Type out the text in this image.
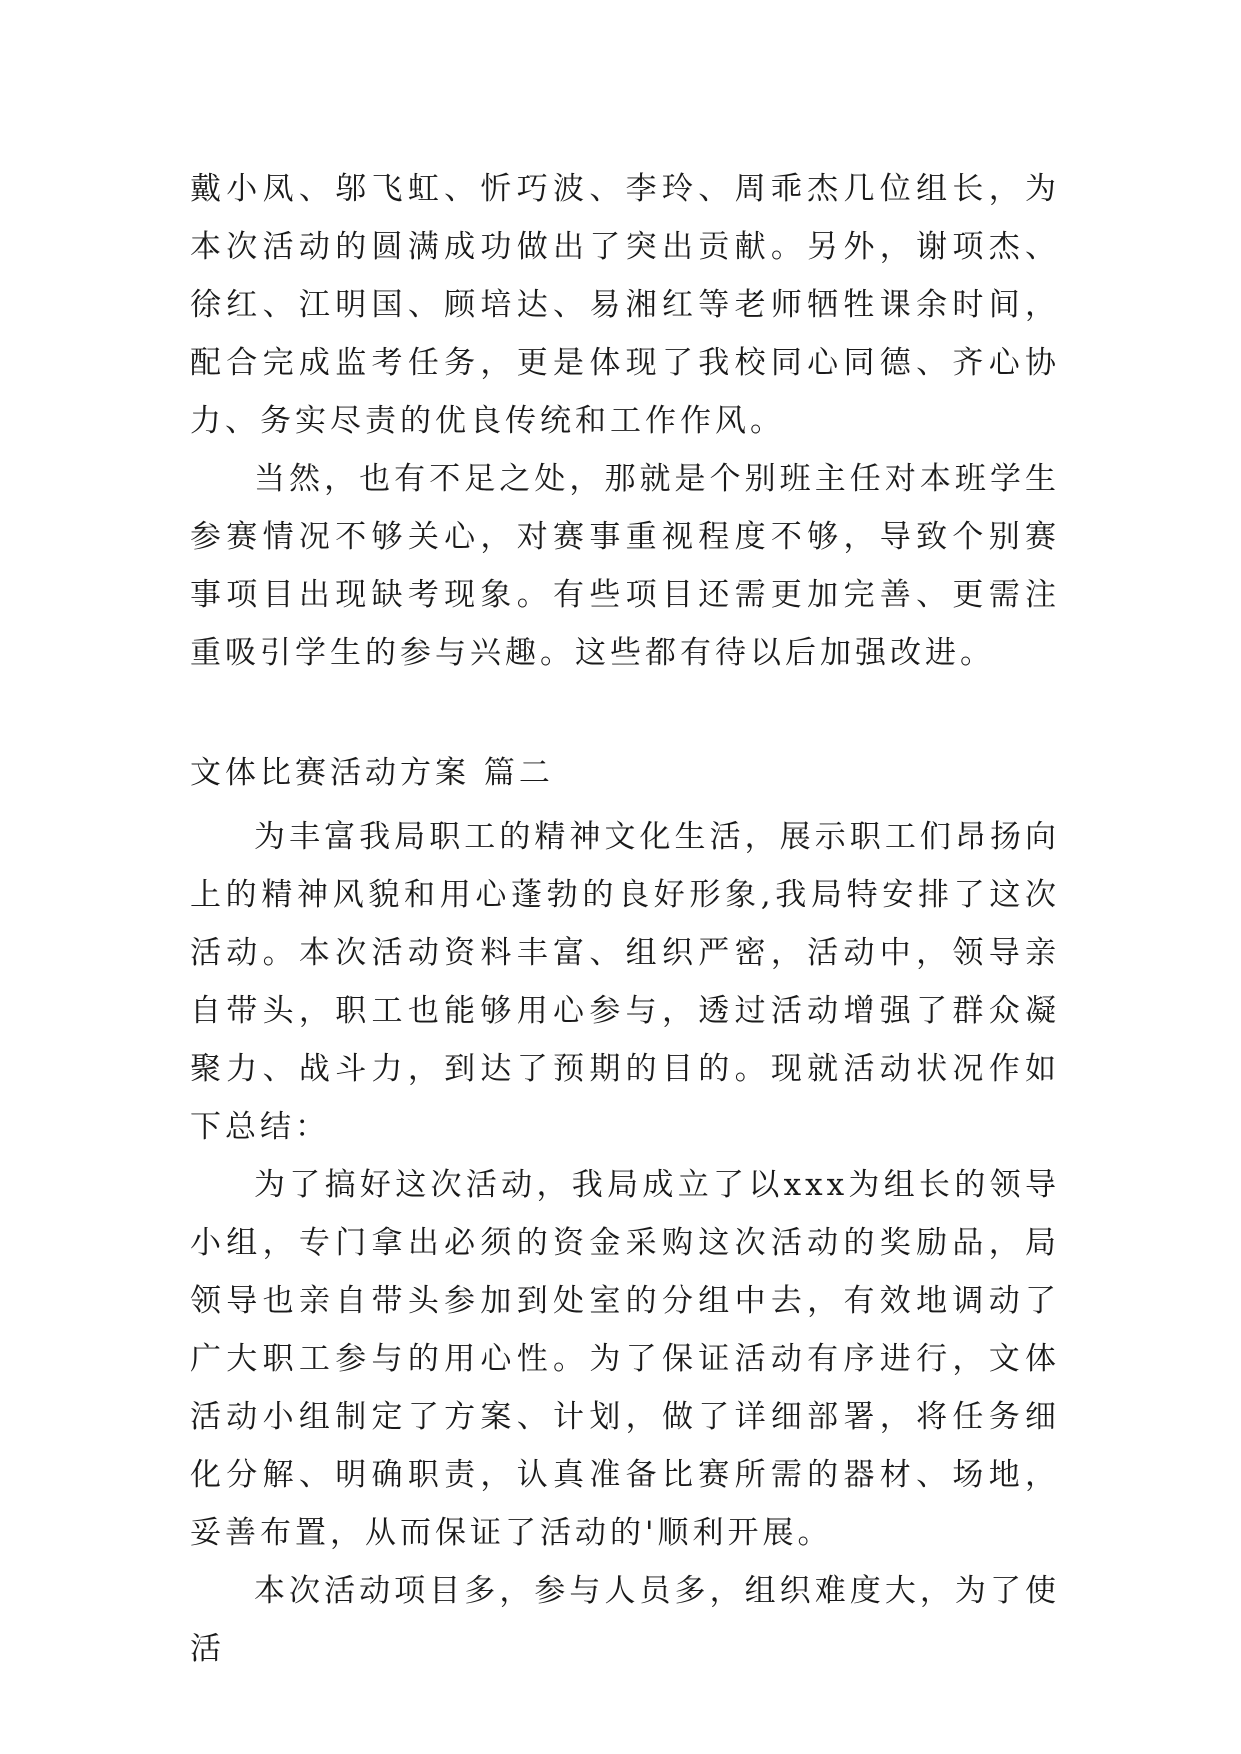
戴小凤、邬飞虹、忻巧波、李玲、周乖杰几位组长，为本次活动的圆满成功做出了突出贡献。另外，谢项杰、徐红、江明国、顾培达、易湘红等老师牺牲课余时间，配合完成监考任务，更是体现了我校同心同德、齐心协力、务实尽责的优良传统和工作作风。

当然，也有不足之处，那就是个别班主任对本班学生参赛情况不够关心，对赛事重视程度不够，导致个别赛事项目出现缺考现象。有些项目还需更加完善、更需注重吸引学生的参与兴趣。这些都有待以后加强改进。

文体比赛活动方案 篇二

为丰富我局职工的精神文化生活，展示职工们昂扬向上的精神风貌和用心蓬勃的良好形象,我局特安排了这次活动。本次活动资料丰富、组织严密，活动中，领导亲自带头，职工也能够用心参与，透过活动增强了群众凝聚力、战斗力，到达了预期的目的。现就活动状况作如下总结：

为了搞好这次活动，我局成立了以xxx为组长的领导小组，专门拿出必须的资金采购这次活动的奖励品，局领导也亲自带头参加到处室的分组中去，有效地调动了广大职工参与的用心性。为了保证活动有序进行，文体活动小组制定了方案、计划，做了详细部署，将任务细化分解、明确职责，认真准备比赛所需的器材、场地，妥善布置，从而保证了活动的'顺利开展。

本次活动项目多，参与人员多，组织难度大，为了使活
